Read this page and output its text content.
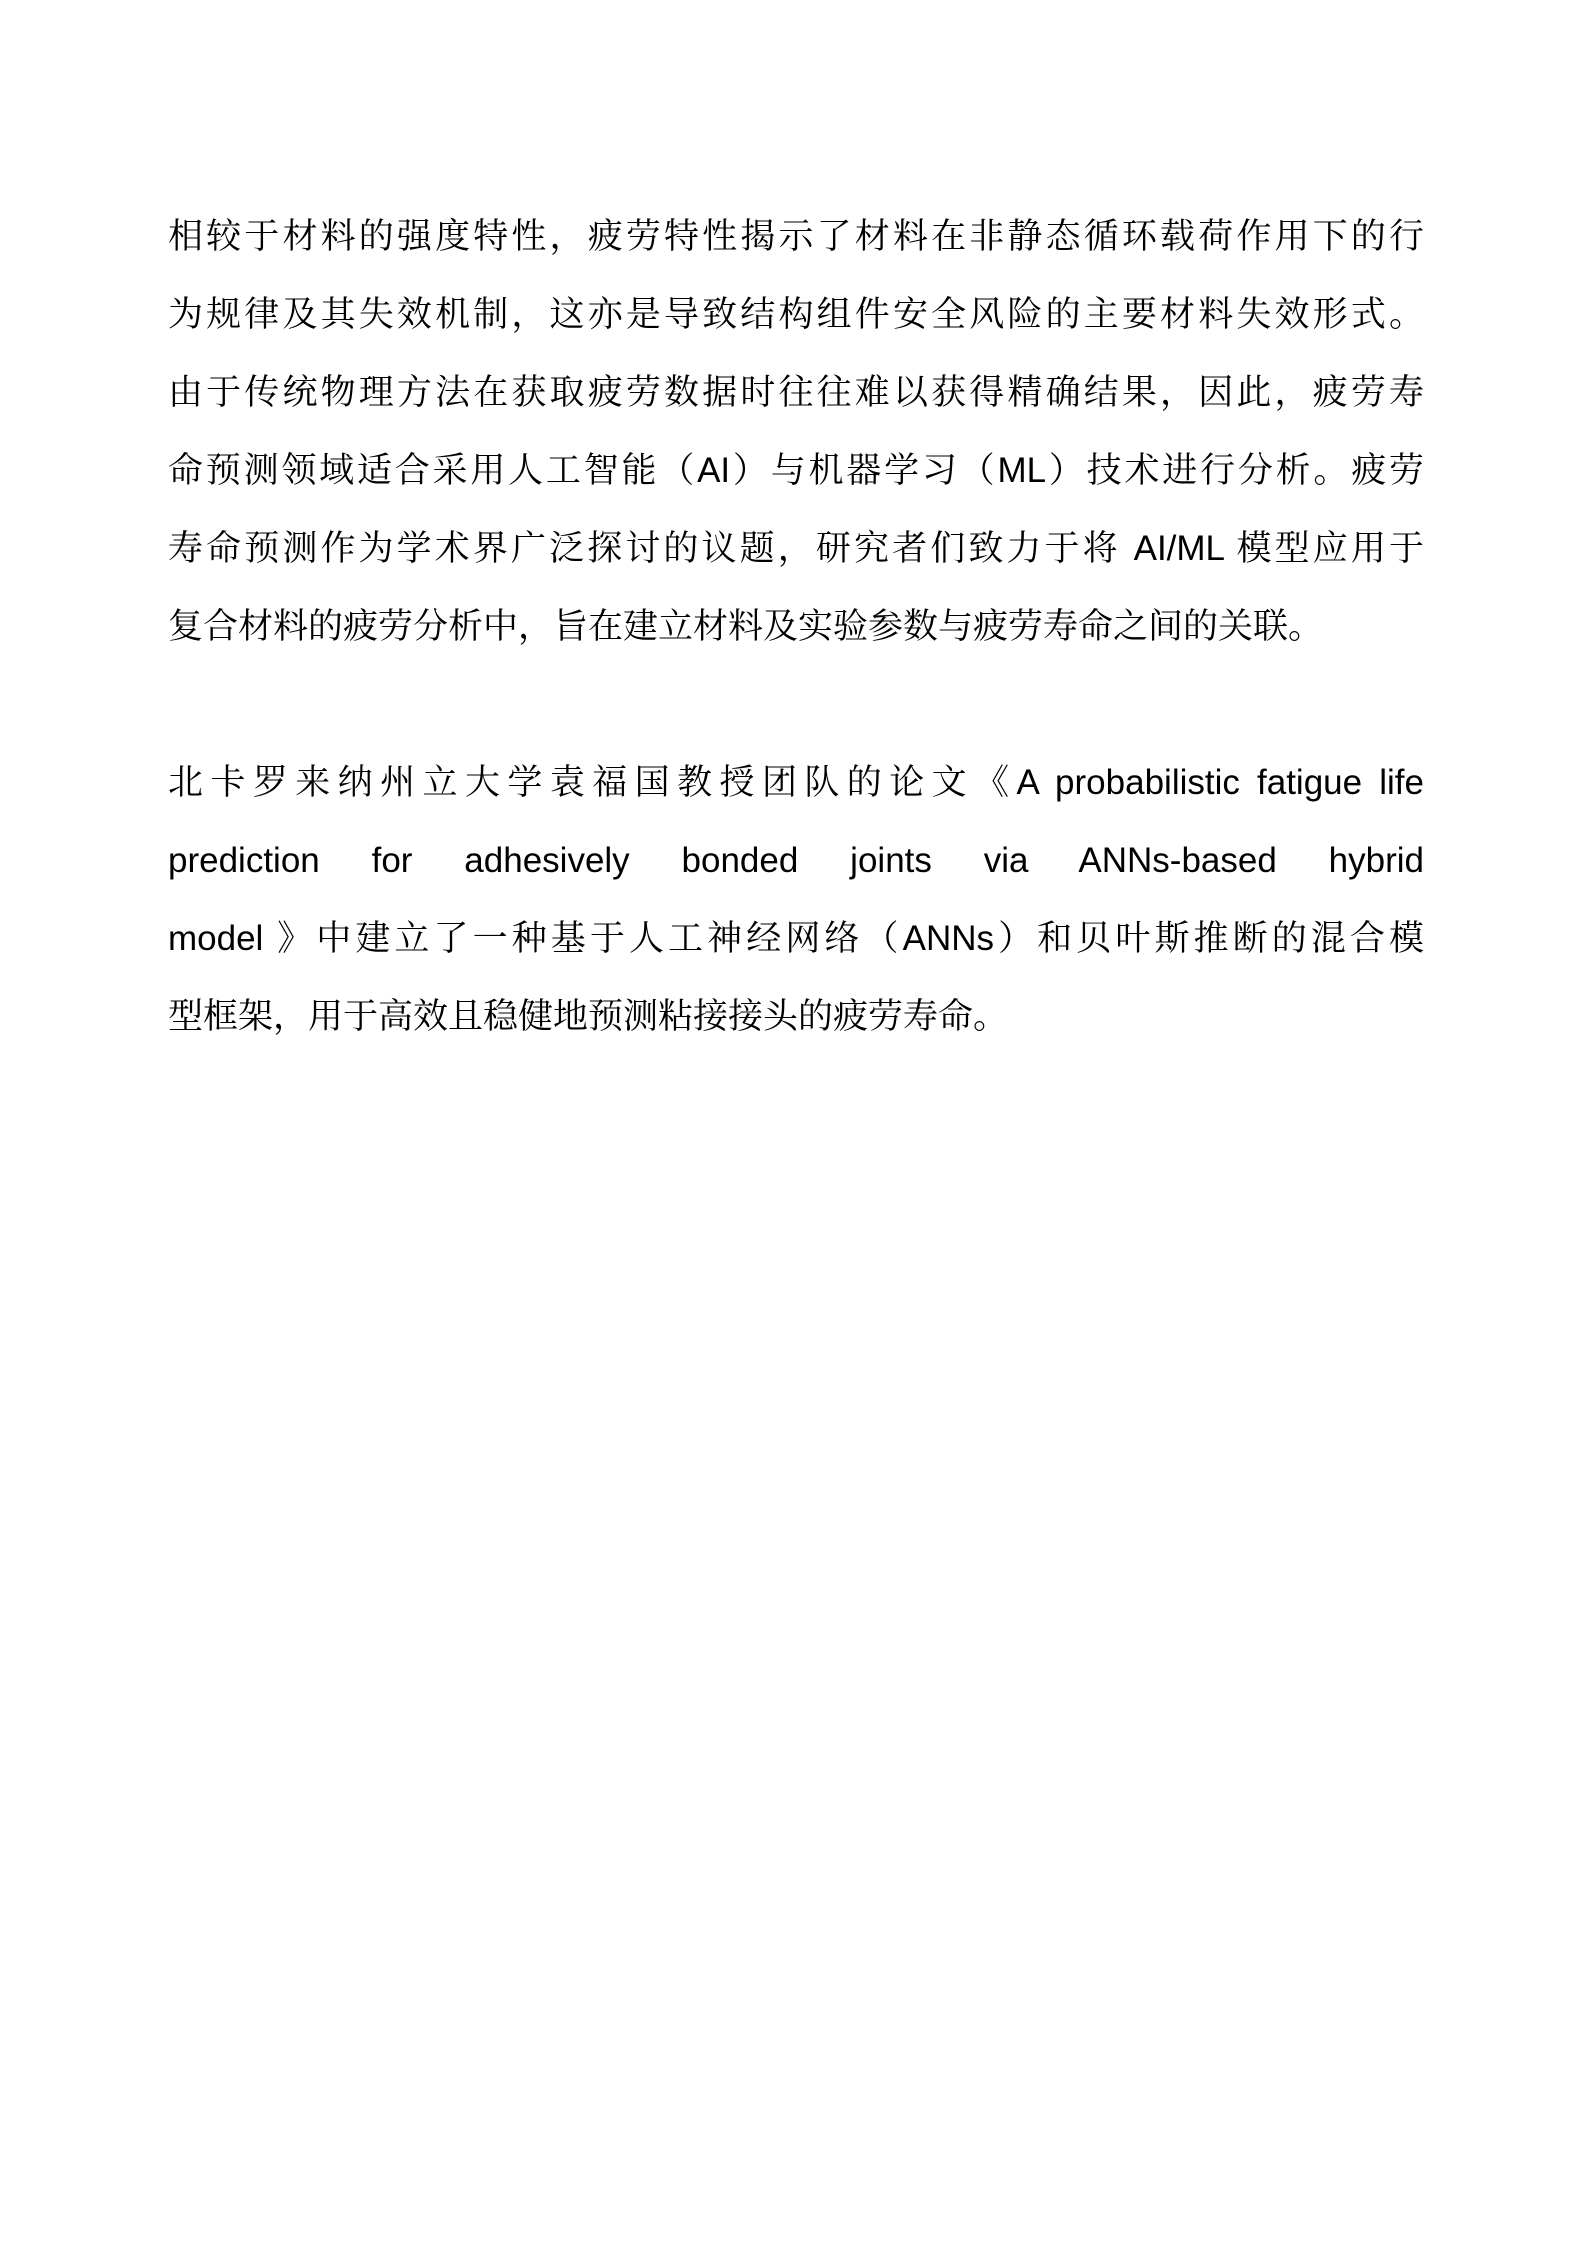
相较于材料的强度特性，疲劳特性揭示了材料在非静态循环载荷作用下的行
为规律及其失效机制，这亦是导致结构组件安全风险的主要材料失效形式。
由于传统物理方法在获取疲劳数据时往往难以获得精确结果，因此，疲劳寿
命预测领域适合采用人工智能（AI）与机器学习（ML）技术进行分析。疲劳
寿命预测作为学术界广泛探讨的议题，研究者们致力于将 AI/ML 模型应用于
复合材料的疲劳分析中，旨在建立材料及实验参数与疲劳寿命之间的关联。
北卡罗来纳州立大学袁福国教授团队的论文《A probabilistic fatigue life
prediction for adhesively bonded joints via ANNs-based hybrid
model 》中建立了一种基于人工神经网络（ANNs）和贝叶斯推断的混合模
型框架，用于高效且稳健地预测粘接接头的疲劳寿命。
